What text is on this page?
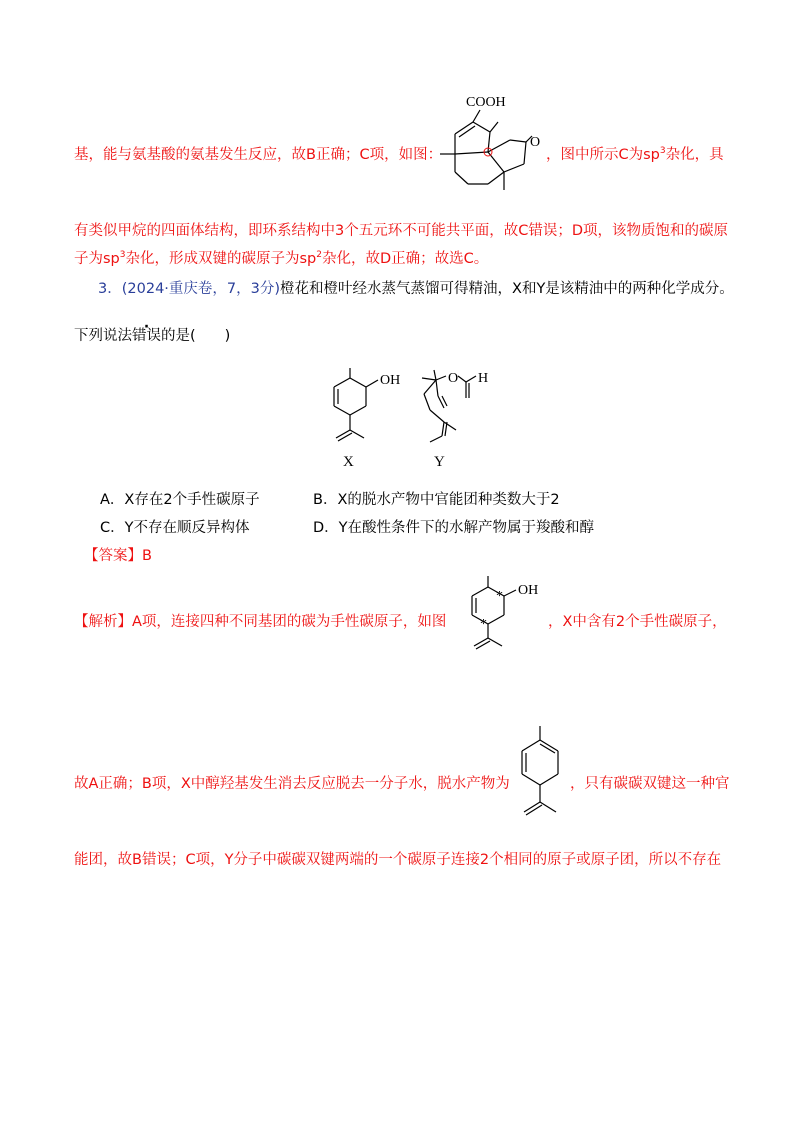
基，能与氨基酸的氨基发生反应，故B正确；C项，如图：	，图中所示C为$sp^3$杂化，具
COOH
O
有类似甲烷的四面体结构，即环系结构中3个五元环不可能共平面，故C错误；D项，该物质饱和的碳原
子为$sp^3$杂化，形成双键的碳原子为$sp^2$杂化，故D正确；故选C。
3．(2024·重庆卷，7，3分)橙花和橙叶经水蒸气蒸馏可得精油，X和Y是该精油中的两种化学成分。
下列说法错误的是(　　)
OH
X
O H
Y
A．X存在2个手性碳原子	B．X的脱水产物中官能团种类数大于2
C．Y不存在顺反异构体	D．Y在酸性条件下的水解产物属于羧酸和醇
【答案】B
【解析】A项，连接四种不同基团的碳为手性碳原子，如图
OH
*
*	，X中含有2个手性碳原子，
故A正确；B项，X中醇羟基发生消去反应脱去一分子水，脱水产物为	，只有碳碳双键这一种官
能团，故B错误；C项，Y分子中碳碳双键两端的一个碳原子连接2个相同的原子或原子团，所以不存在
